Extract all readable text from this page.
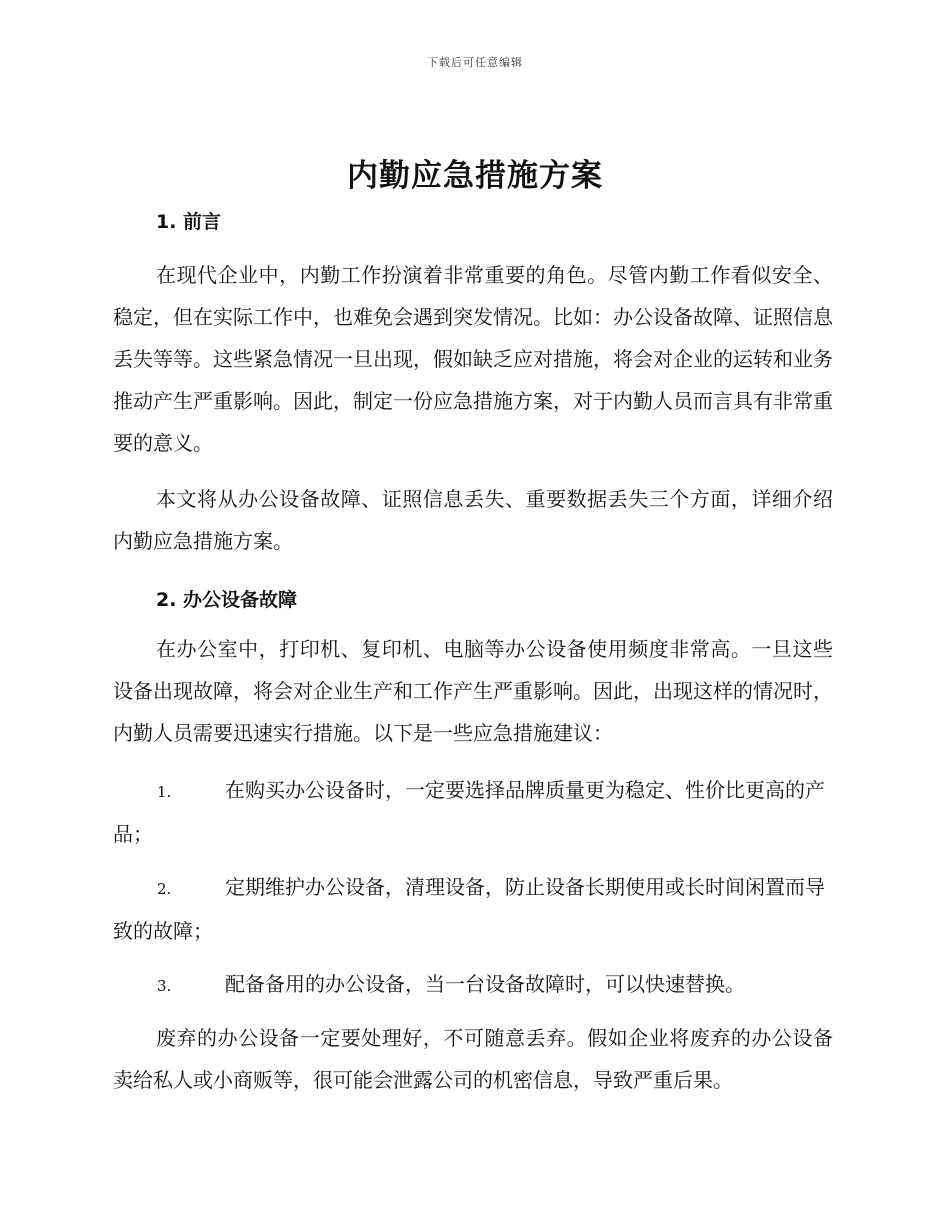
下载后可任意编辑
内勤应急措施方案
1. 前言

在现代企业中，内勤工作扮演着非常重要的角色。尽管内勤工作看似安全、稳定，但在实际工作中，也难免会遇到突发情况。比如：办公设备故障、证照信息丢失等等。这些紧急情况一旦出现，假如缺乏应对措施，将会对企业的运转和业务推动产生严重影响。因此，制定一份应急措施方案，对于内勤人员而言具有非常重要的意义。

本文将从办公设备故障、证照信息丢失、重要数据丢失三个方面，详细介绍内勤应急措施方案。

2. 办公设备故障

在办公室中，打印机、复印机、电脑等办公设备使用频度非常高。一旦这些设备出现故障，将会对企业生产和工作产生严重影响。因此，出现这样的情况时，内勤人员需要迅速实行措施。以下是一些应急措施建议：

1.	在购买办公设备时，一定要选择品牌质量更为稳定、性价比更高的产品；

2.	定期维护办公设备，清理设备，防止设备长期使用或长时间闲置而导致的故障；

3.	配备备用的办公设备，当一台设备故障时，可以快速替换。

废弃的办公设备一定要处理好，不可随意丢弃。假如企业将废弃的办公设备卖给私人或小商贩等，很可能会泄露公司的机密信息，导致严重后果。
